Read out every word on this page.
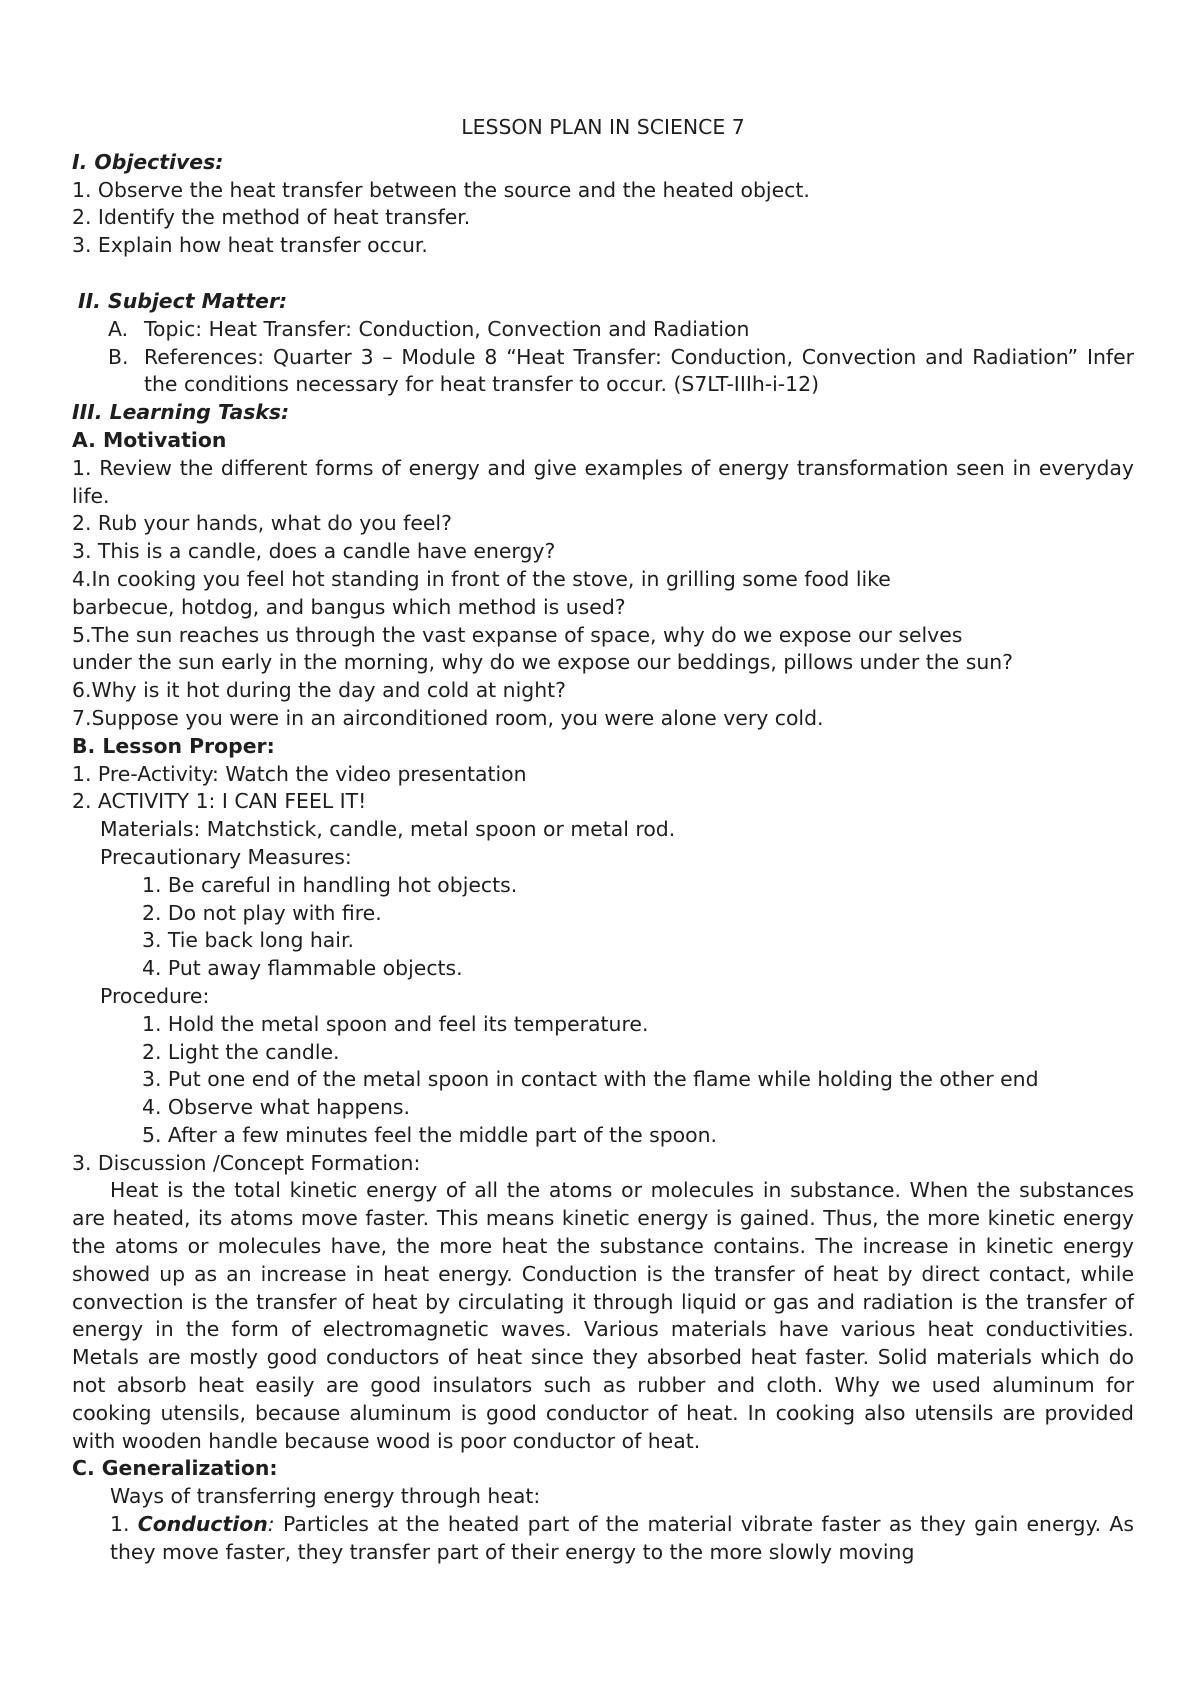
LESSON PLAN IN SCIENCE 7

I. Objectives:

1. Observe the heat transfer between the source and the heated object.

2. Identify the method of heat transfer.

3. Explain how heat transfer occur.

II. Subject Matter:

A. Topic: Heat Transfer: Conduction, Convection and Radiation
B. References: Quarter 3 – Module 8 “Heat Transfer: Conduction, Convection and Radiation” Infer the conditions necessary for heat transfer to occur. (S7LT-IIIh-i-12)

III. Learning Tasks:

A. Motivation

1. Review the different forms of energy and give examples of energy transformation seen in everyday life.

2. Rub your hands, what do you feel?

3. This is a candle, does a candle have energy?

4.In cooking you feel hot standing in front of the stove, in grilling some food like

barbecue, hotdog, and bangus which method is used?

5.The sun reaches us through the vast expanse of space, why do we expose our selves

under the sun early in the morning, why do we expose our beddings, pillows under the sun?

6.Why is it hot during the day and cold at night?

7.Suppose you were in an airconditioned room, you were alone very cold.

B. Lesson Proper:

1. Pre-Activity: Watch the video presentation

2. ACTIVITY 1: I CAN FEEL IT!

Materials: Matchstick, candle, metal spoon or metal rod.

Precautionary Measures:

1. Be careful in handling hot objects.

2. Do not play with fire.

3. Tie back long hair.

4. Put away flammable objects.

Procedure:

1. Hold the metal spoon and feel its temperature.

2. Light the candle.

3. Put one end of the metal spoon in contact with the flame while holding the other end

4. Observe what happens.

5. After a few minutes feel the middle part of the spoon.

3. Discussion /Concept Formation:

Heat is the total kinetic energy of all the atoms or molecules in substance. When the substances are heated, its atoms move faster. This means kinetic energy is gained. Thus, the more kinetic energy the atoms or molecules have, the more heat the substance contains. The increase in kinetic energy showed up as an increase in heat energy. Conduction is the transfer of heat by direct contact, while convection is the transfer of heat by circulating it through liquid or gas and radiation is the transfer of energy in the form of electromagnetic waves. Various materials have various heat conductivities. Metals are mostly good conductors of heat since they absorbed heat faster. Solid materials which do not absorb heat easily are good insulators such as rubber and cloth. Why we used aluminum for cooking utensils, because aluminum is good conductor of heat. In cooking also utensils are provided with wooden handle because wood is poor conductor of heat.

C. Generalization:

Ways of transferring energy through heat:

1. Conduction: Particles at the heated part of the material vibrate faster as they gain energy. As they move faster, they transfer part of their energy to the more slowly moving
